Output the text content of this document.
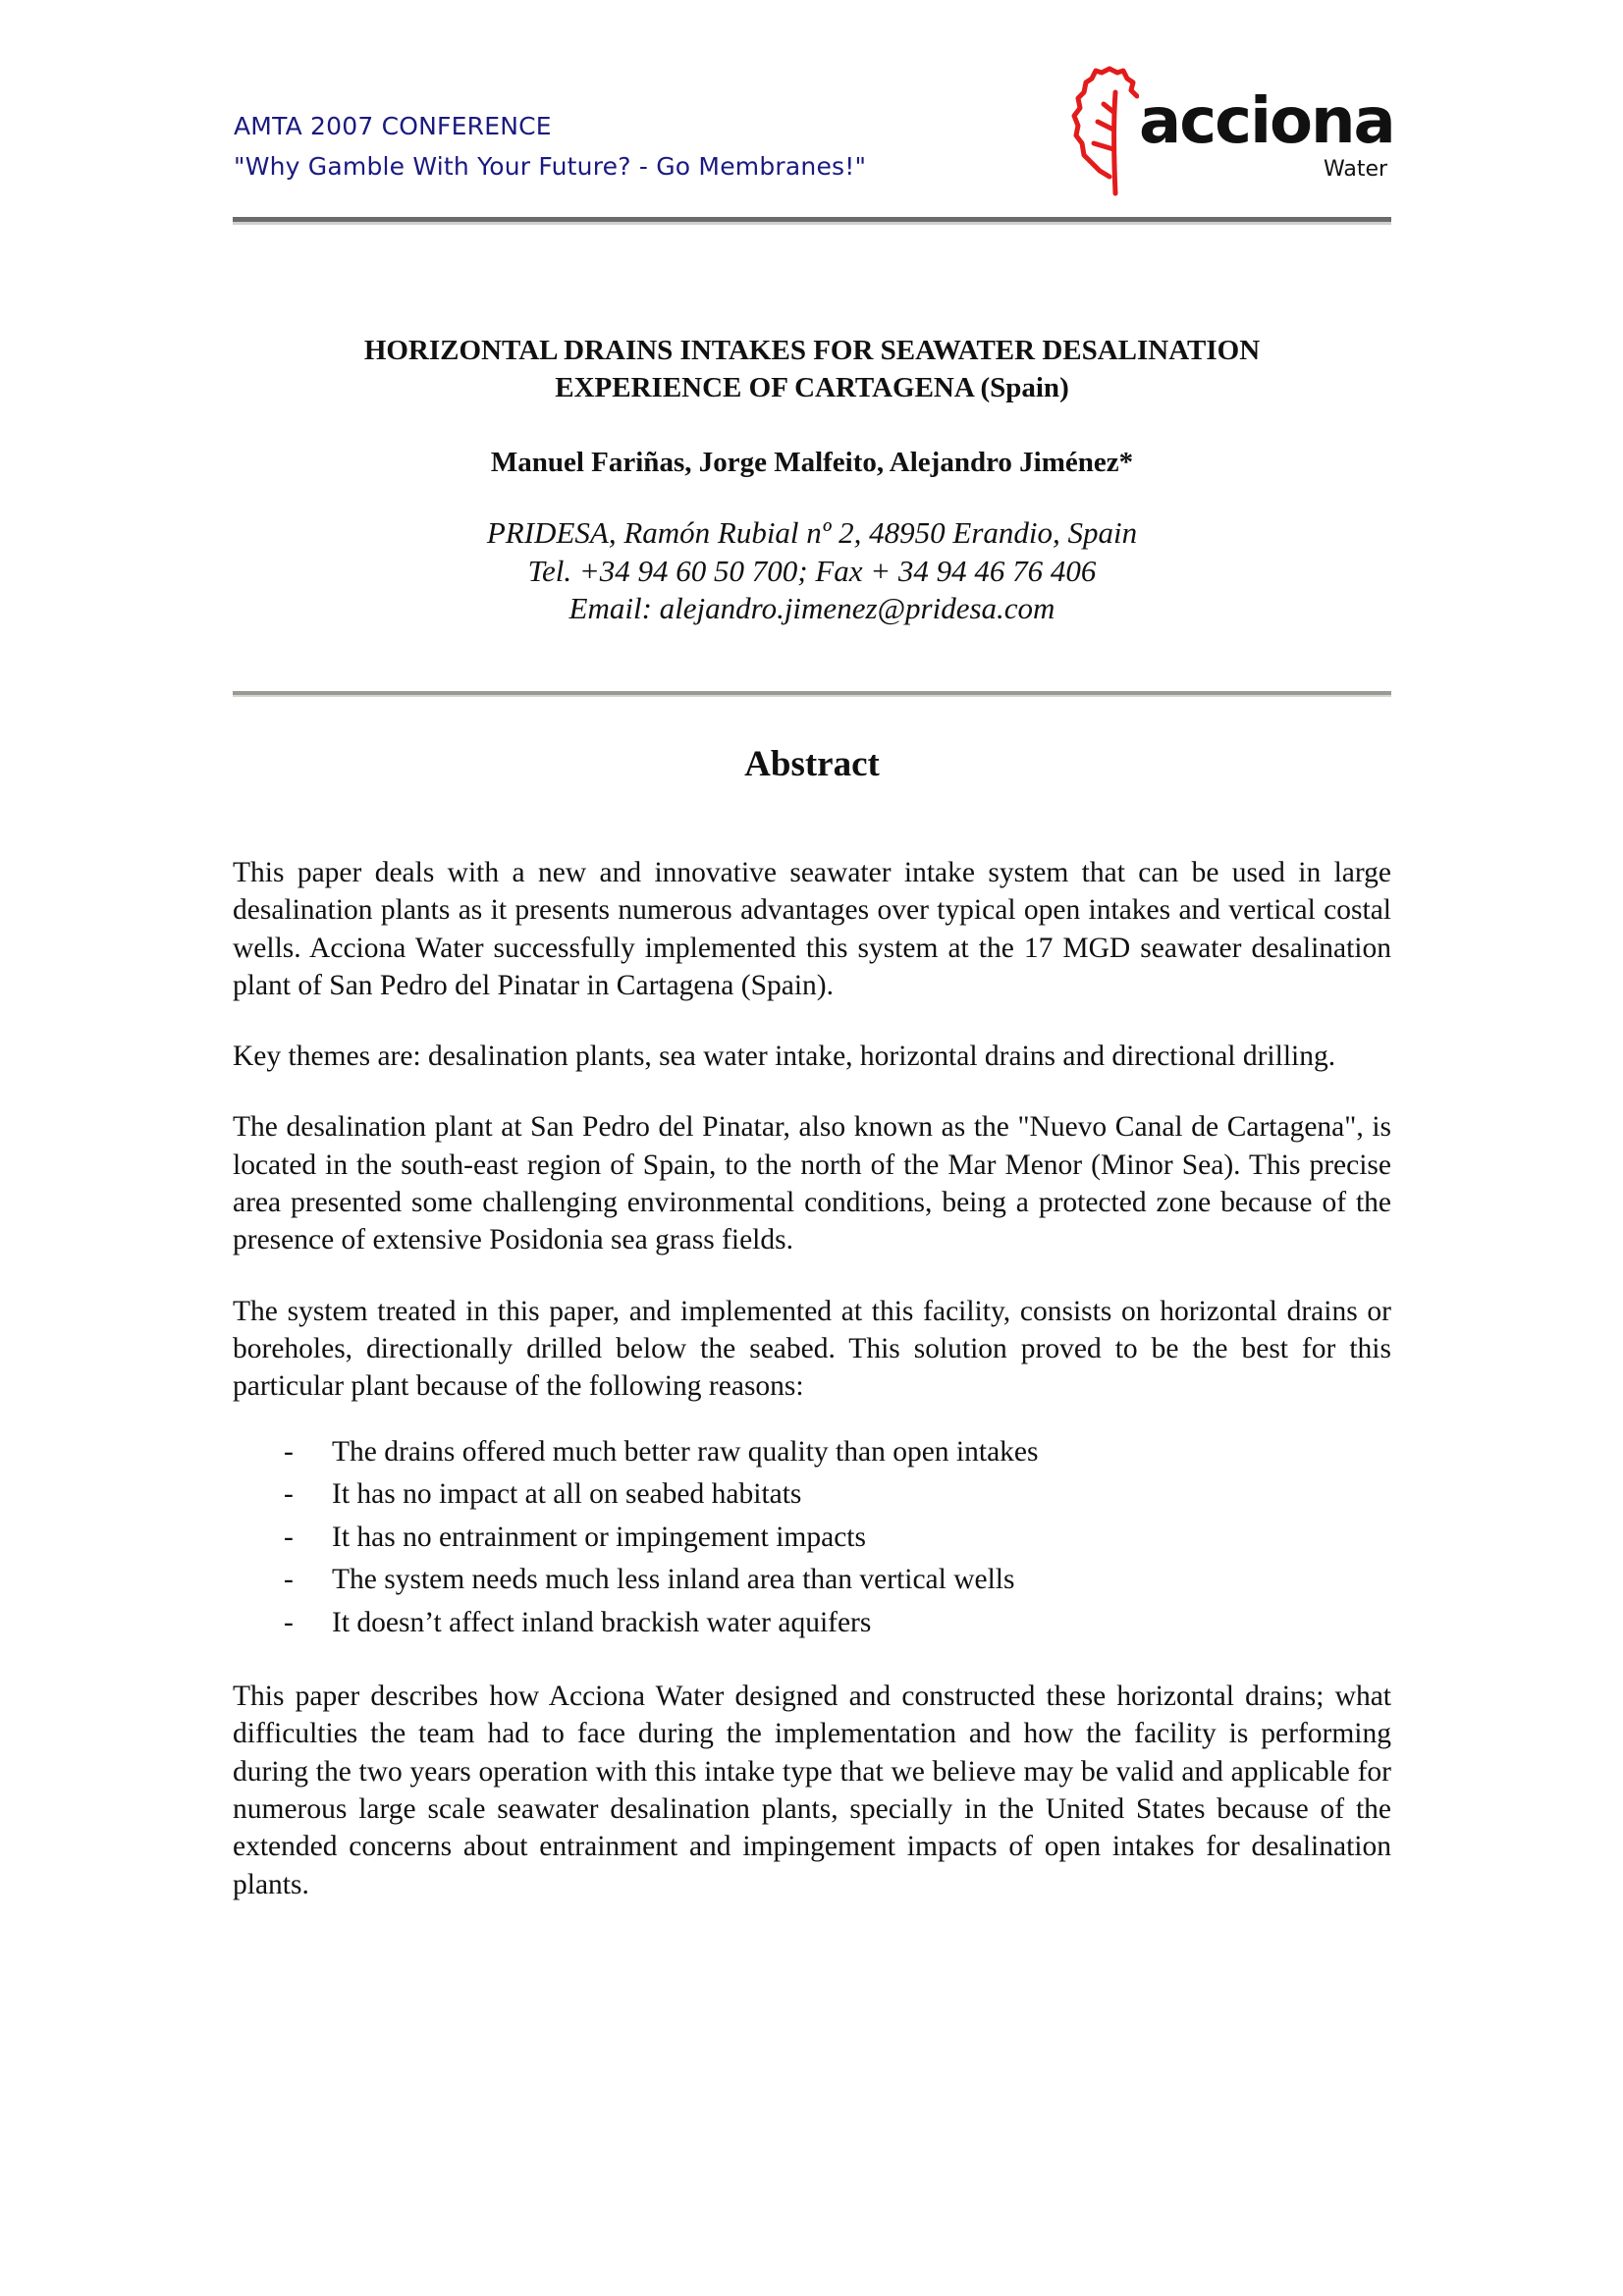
AMTA 2007 CONFERENCE
"Why Gamble With Your Future? - Go Membranes!"
acciona
Water
HORIZONTAL DRAINS INTAKES FOR SEAWATER DESALINATION
EXPERIENCE OF CARTAGENA (Spain)
Manuel Fariñas, Jorge Malfeito, Alejandro Jiménez*
PRIDESA, Ramón Rubial nº 2, 48950 Erandio, Spain
Tel. +34 94 60 50 700; Fax + 34 94 46 76 406
Email: alejandro.jimenez@pridesa.com
Abstract

This paper deals with a new and innovative seawater intake system that can be used in large desalination plants as it presents numerous advantages over typical open intakes and vertical costal wells. Acciona Water successfully implemented this system at the 17 MGD seawater desalination plant of San Pedro del Pinatar in Cartagena (Spain).

Key themes are: desalination plants, sea water intake, horizontal drains and directional drilling.

The desalination plant at San Pedro del Pinatar, also known as the "Nuevo Canal de Cartagena", is located in the south-east region of Spain, to the north of the Mar Menor (Minor Sea). This precise area presented some challenging environmental conditions, being a protected zone because of the presence of extensive Posidonia sea grass fields.

The system treated in this paper, and implemented at this facility, consists on horizontal drains or boreholes, directionally drilled below the seabed. This solution proved to be the best for this particular plant because of the following reasons:

- The drains offered much better raw quality than open intakes
- It has no impact at all on seabed habitats
- It has no entrainment or impingement impacts
- The system needs much less inland area than vertical wells
- It doesn’t affect inland brackish water aquifers

This paper describes how Acciona Water designed and constructed these horizontal drains; what difficulties the team had to face during the implementation and how the facility is performing during the two years operation with this intake type that we believe may be valid and applicable for numerous large scale seawater desalination plants, specially in the United States because of the extended concerns about entrainment and impingement impacts of open intakes for desalination plants.
